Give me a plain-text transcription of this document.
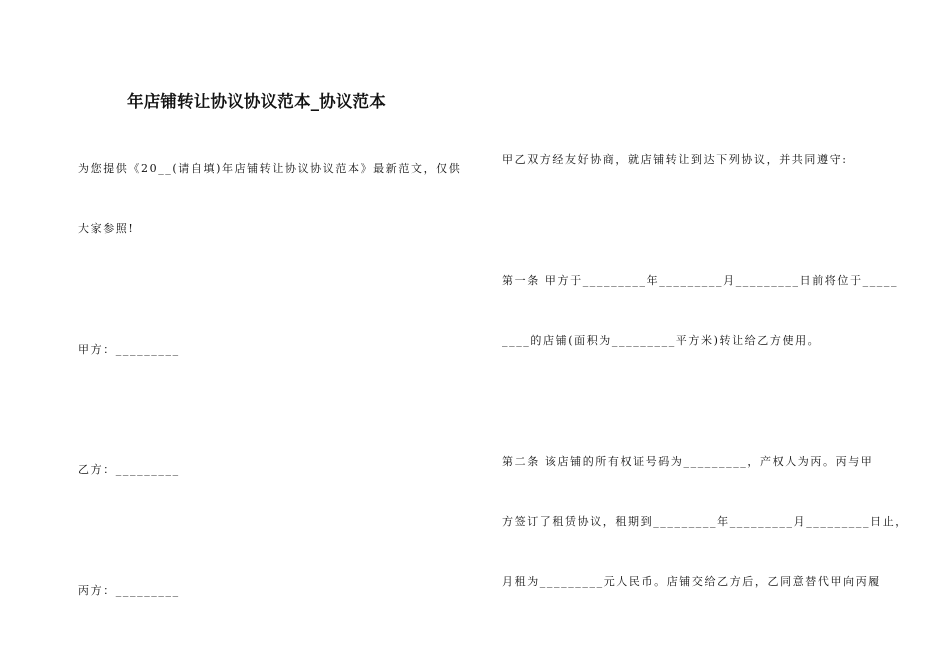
年店铺转让协议协议范本_协议范本
为您提供《20__(请自填)年店铺转让协议协议范本》最新范文，仅供
大家参照!
甲方：_________
乙方：_________
丙方：_________
甲乙双方经友好协商，就店铺转让到达下列协议，并共同遵守:
第一条 甲方于_________年_________月_________日前将位于_____
____的店铺(面积为_________平方米)转让给乙方使用。
第二条 该店铺的所有权证号码为_________，产权人为丙。丙与甲
方签订了租赁协议，租期到_________年_________月_________日止，
月租为_________元人民币。店铺交给乙方后，乙同意替代甲向丙履
